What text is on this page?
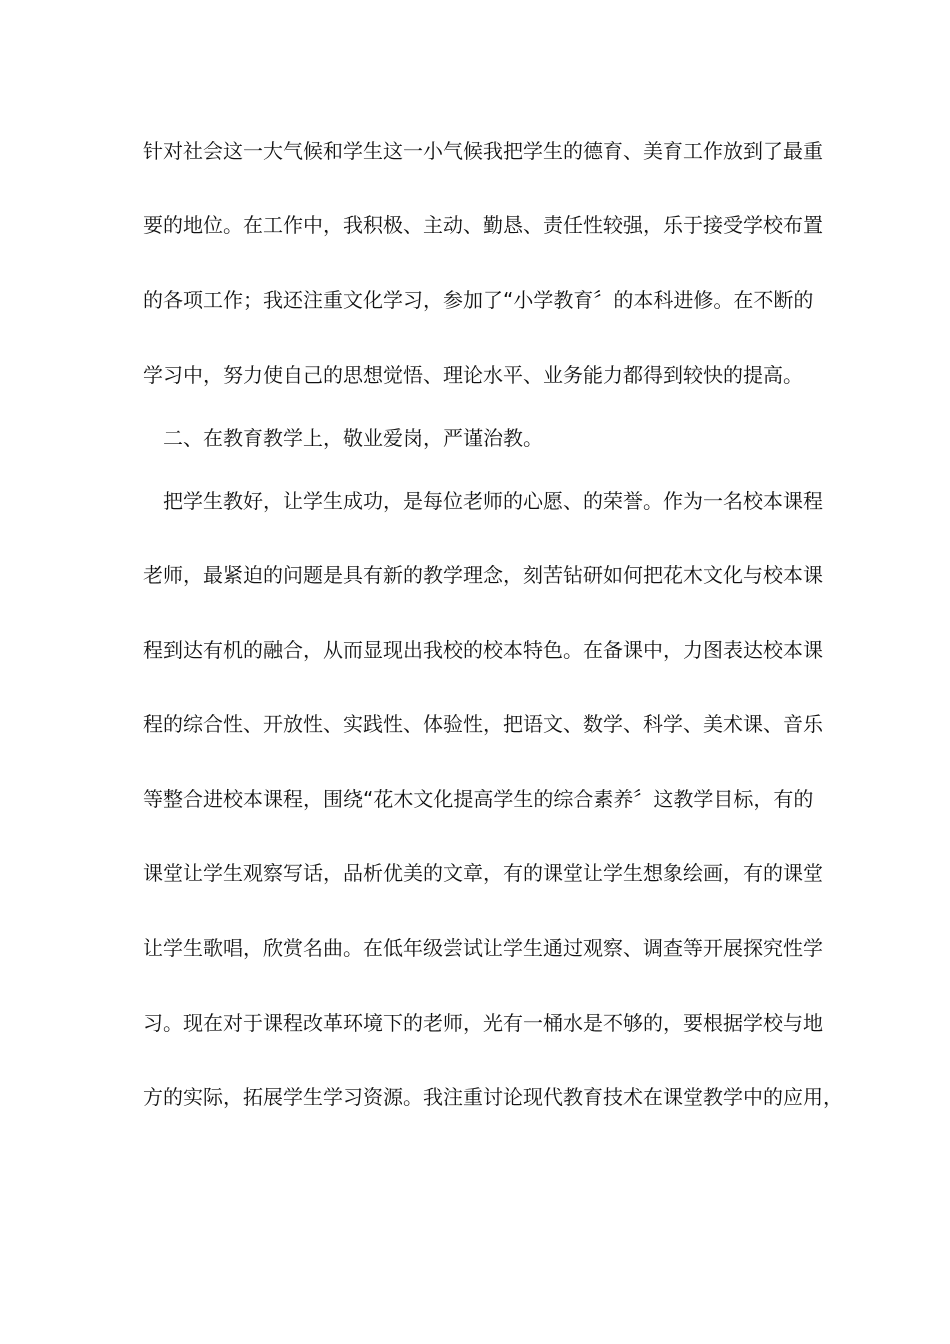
针对社会这一大气候和学生这一小气候我把学生的德育、美育工作放到了最重
要的地位。在工作中，我积极、主动、勤恳、责任性较强，乐于接受学校布置
的各项工作；我还注重文化学习，参加了“小学教育〞的本科进修。在不断的
学习中，努力使自己的思想觉悟、理论水平、业务能力都得到较快的提高。
二、在教育教学上，敬业爱岗，严谨治教。
把学生教好，让学生成功，是每位老师的心愿、的荣誉。作为一名校本课程
老师，最紧迫的问题是具有新的教学理念，刻苦钻研如何把花木文化与校本课
程到达有机的融合，从而显现出我校的校本特色。在备课中，力图表达校本课
程的综合性、开放性、实践性、体验性，把语文、数学、科学、美术课、音乐
等整合进校本课程，围绕“花木文化提高学生的综合素养〞这教学目标，有的
课堂让学生观察写话，品析优美的文章，有的课堂让学生想象绘画，有的课堂
让学生歌唱，欣赏名曲。在低年级尝试让学生通过观察、调查等开展探究性学
习。现在对于课程改革环境下的老师，光有一桶水是不够的，要根据学校与地
方的实际，拓展学生学习资源。我注重讨论现代教育技术在课堂教学中的应用，
